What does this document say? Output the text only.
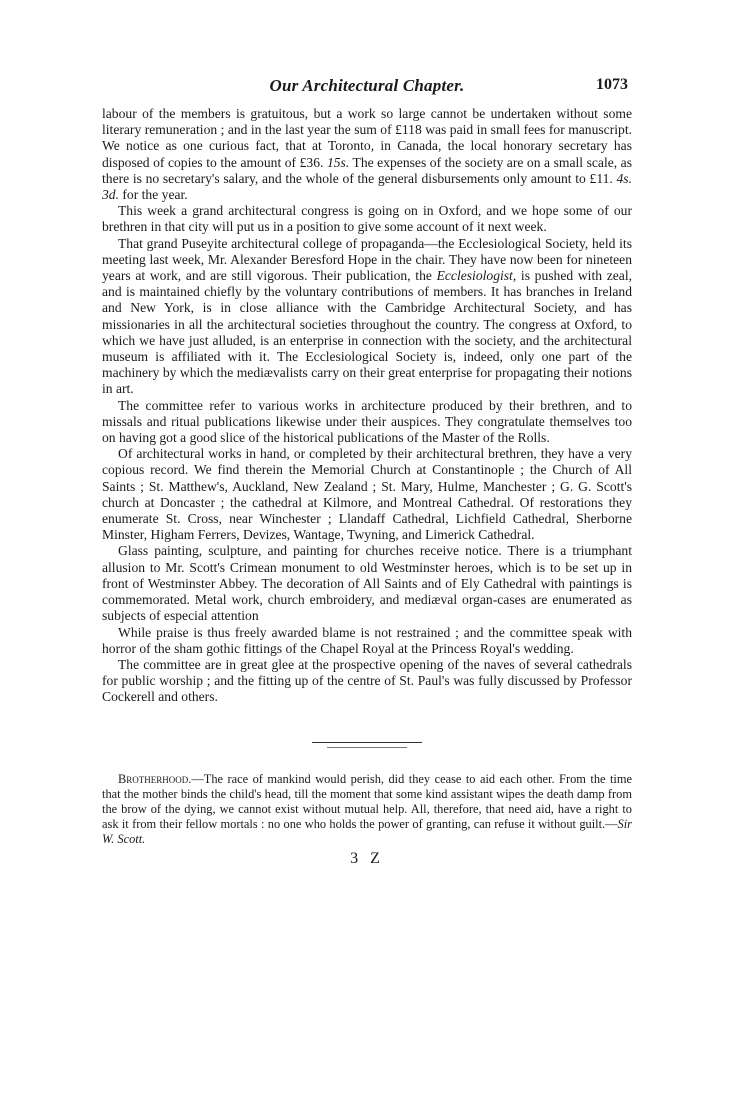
Our Architectural Chapter.	1073

labour of the members is gratuitous, but a work so large cannot be undertaken without some literary remuneration ; and in the last year the sum of £118 was paid in small fees for manuscript. We notice as one curious fact, that at Toronto, in Canada, the local honorary secretary has disposed of copies to the amount of £36. 15s. The expenses of the society are on a small scale, as there is no secretary's salary, and the whole of the general disbursements only amount to £11. 4s. 3d. for the year.

This week a grand architectural congress is going on in Oxford, and we hope some of our brethren in that city will put us in a position to give some account of it next week.

That grand Puseyite architectural college of propaganda—the Ecclesiological Society, held its meeting last week, Mr. Alexander Beresford Hope in the chair. They have now been for nineteen years at work, and are still vigorous. Their publication, the Ecclesiologist, is pushed with zeal, and is maintained chiefly by the voluntary contributions of members. It has branches in Ireland and New York, is in close alliance with the Cambridge Architectural Society, and has missionaries in all the architectural societies throughout the country. The congress at Oxford, to which we have just alluded, is an enterprise in connection with the society, and the architectural museum is affiliated with it. The Ecclesiological Society is, indeed, only one part of the machinery by which the mediævalists carry on their great enterprise for propagating their notions in art.

The committee refer to various works in architecture produced by their brethren, and to missals and ritual publications likewise under their auspices. They congratulate themselves too on having got a good slice of the historical publications of the Master of the Rolls.

Of architectural works in hand, or completed by their architectural brethren, they have a very copious record. We find therein the Memorial Church at Constantinople ; the Church of All Saints ; St. Matthew's, Auckland, New Zealand ; St. Mary, Hulme, Manchester ; G. G. Scott's church at Doncaster ; the cathedral at Kilmore, and Montreal Cathedral. Of restorations they enumerate St. Cross, near Winchester ; Llandaff Cathedral, Lichfield Cathedral, Sherborne Minster, Higham Ferrers, Devizes, Wantage, Twyning, and Limerick Cathedral.

Glass painting, sculpture, and painting for churches receive notice. There is a triumphant allusion to Mr. Scott's Crimean monument to old Westminster heroes, which is to be set up in front of Westminster Abbey. The decoration of All Saints and of Ely Cathedral with paintings is commemorated. Metal work, church embroidery, and mediæval organ-cases are enumerated as subjects of especial attention

While praise is thus freely awarded blame is not restrained ; and the committee speak with horror of the sham gothic fittings of the Chapel Royal at the Princess Royal's wedding.

The committee are in great glee at the prospective opening of the naves of several cathedrals for public worship ; and the fitting up of the centre of St. Paul's was fully discussed by Professor Cockerell and others.

Brotherhood.—The race of mankind would perish, did they cease to aid each other. From the time that the mother binds the child's head, till the moment that some kind assistant wipes the death damp from the brow of the dying, we cannot exist without mutual help. All, therefore, that need aid, have a right to ask it from their fellow mortals : no one who holds the power of granting, can refuse it without guilt.—Sir W. Scott.

3 Z
